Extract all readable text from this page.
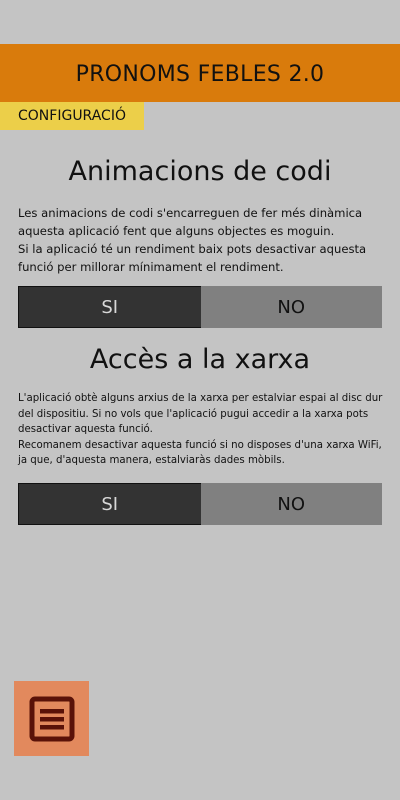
PRONOMS FEBLES 2.0
CONFIGURACIÓ
Animacions de codi
Les animacions de codi s'encarreguen de fer més dinàmica aquesta aplicació fent que alguns objectes es moguin.
Si la aplicació té un rendiment baix pots desactivar aquesta funció per millorar mínimament el rendiment.
SI	NO
Accès a la xarxa
L'aplicació obtè alguns arxius de la xarxa per estalviar espai al disc dur del dispositiu. Si no vols que l'aplicació pugui accedir a la xarxa pots desactivar aquesta funció.
Recomanem desactivar aquesta funció si no disposes d'una xarxa WiFi, ja que, d'aquesta manera, estalviaràs dades mòbils.
SI	NO
